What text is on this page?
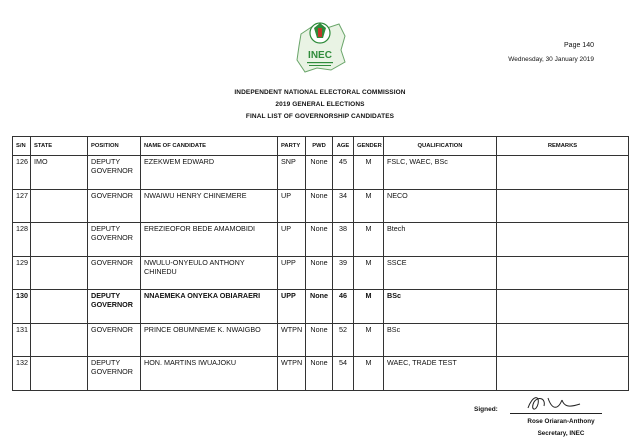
INEC
Page 140
Wednesday, 30 January 2019
INDEPENDENT NATIONAL ELECTORAL COMMISSION
2019 GENERAL ELECTIONS
FINAL LIST OF GOVERNORSHIP CANDIDATES
S/N	STATE	POSITION	NAME OF CANDIDATE	PARTY	PWD	AGE	GENDER	QUALIFICATION	REMARKS
126	IMO	DEPUTY GOVERNOR	EZEKWEM EDWARD	SNP	None	45	M	FSLC, WAEC, BSc	
127		GOVERNOR	NWAIWU HENRY CHINEMERE	UP	None	34	M	NECO	
128		DEPUTY GOVERNOR	EREZIEOFOR BEDE AMAMOBIDI	UP	None	38	M	Btech	
129		GOVERNOR	NWULU-ONYEULO ANTHONY CHINEDU	UPP	None	39	M	SSCE	
130		DEPUTY GOVERNOR	NNAEMEKA ONYEKA OBIARAERI	UPP	None	46	M	BSc	
131		GOVERNOR	PRINCE OBUMNEME K. NWAIGBO	WTPN	None	52	M	BSc	
132		DEPUTY GOVERNOR	HON. MARTINS IWUAJOKU	WTPN	None	54	M	WAEC, TRADE TEST	
Signed:
Rose Oriaran-Anthony
Secretary, INEC
